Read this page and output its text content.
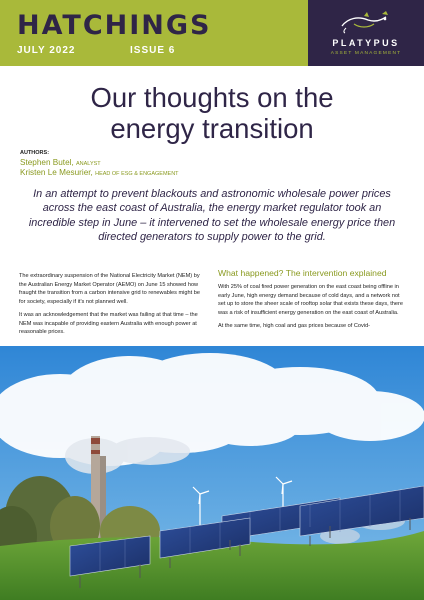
HATCHINGS
JULY 2022	ISSUE 6
PLATYPUS
ASSET MANAGEMENT
Our thoughts on the
energy transition
AUTHORS:
Stephen Butel, ANALYST
Kristen Le Mesurier, HEAD OF ESG & ENGAGEMENT

In an attempt to prevent blackouts and astronomic wholesale power prices across the east coast of Australia, the energy market regulator took an incredible step in June – it intervened to set the wholesale energy price then directed generators to supply power to the grid.

The extraordinary suspension of the National Electricity Market (NEM) by the Australian Energy Market Operator (AEMO) on June 15 showed how fraught the transition from a carbon intensive grid to renewables might be for society, especially if it's not planned well.

It was an acknowledgement that the market was failing at that time – the NEM was incapable of providing eastern Australia with enough power at reasonable prices.

What happened? The intervention explained

With 25% of coal fired power generation on the east coast being offline in early June, high energy demand because of cold days, and a network not set up to store the sheer scale of rooftop solar that exists these days, there was a risk of insufficient energy generation on the east coast of Australia.

At the same time, high coal and gas prices because of Covid-
